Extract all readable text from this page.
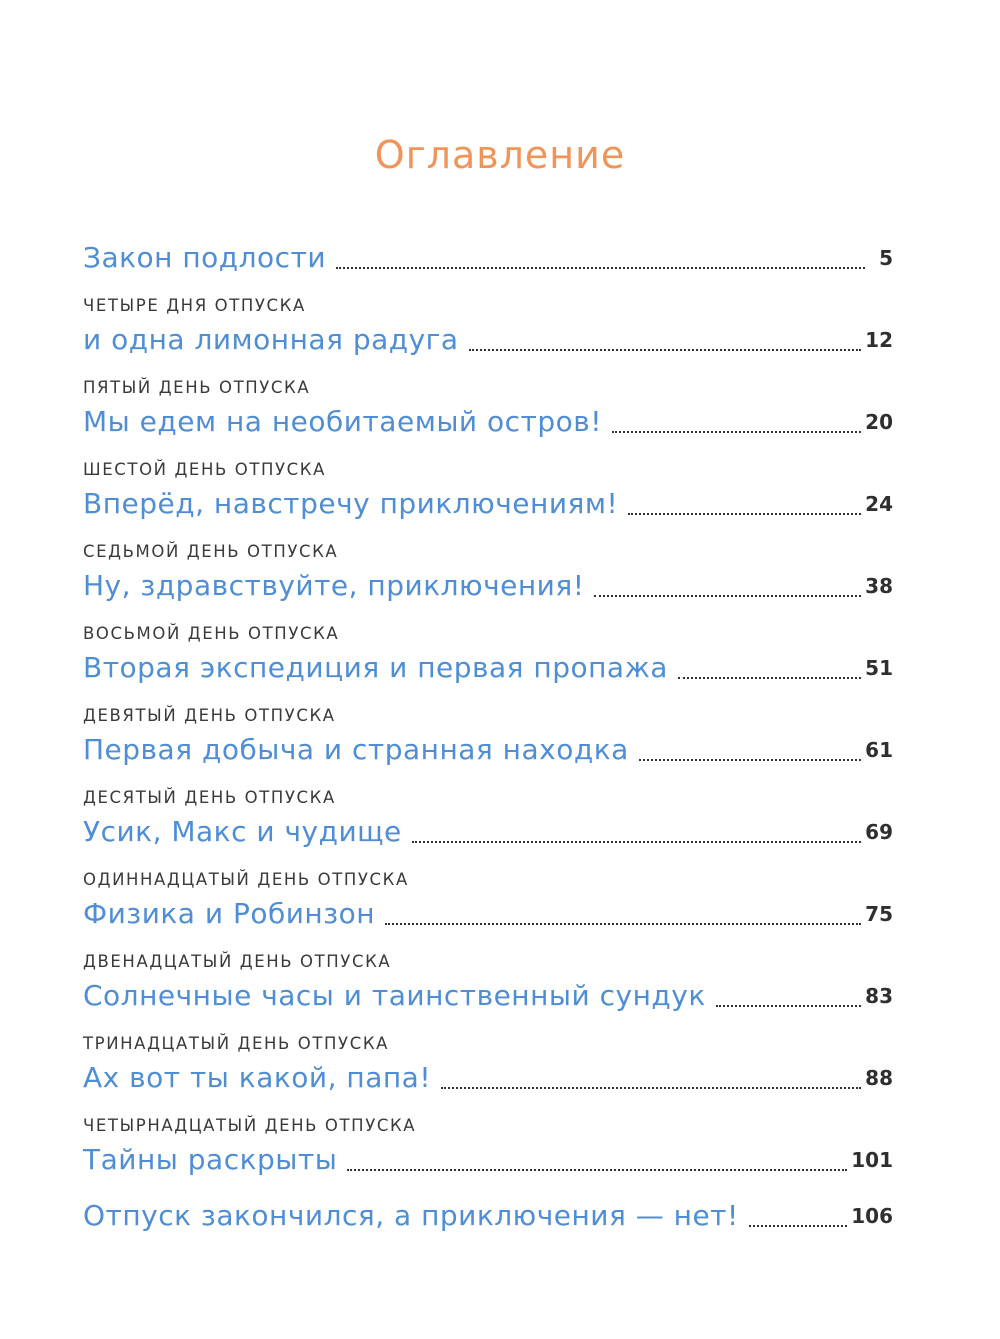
Оглавление
Закон подлости	5
ЧЕТЫРЕ ДНЯ ОТПУСКА
и одна лимонная радуга	12
ПЯТЫЙ ДЕНЬ ОТПУСКА
Мы едем на необитаемый остров!	20
ШЕСТОЙ ДЕНЬ ОТПУСКА
Вперёд, навстречу приключениям!	24
СЕДЬМОЙ ДЕНЬ ОТПУСКА
Ну, здравствуйте, приключения!	38
ВОСЬМОЙ ДЕНЬ ОТПУСКА
Вторая экспедиция и первая пропажа	51
ДЕВЯТЫЙ ДЕНЬ ОТПУСКА
Первая добыча и странная находка	61
ДЕСЯТЫЙ ДЕНЬ ОТПУСКА
Усик, Макс и чудище	69
ОДИННАДЦАТЫЙ ДЕНЬ ОТПУСКА
Физика и Робинзон	75
ДВЕНАДЦАТЫЙ ДЕНЬ ОТПУСКА
Солнечные часы и таинственный сундук	83
ТРИНАДЦАТЫЙ ДЕНЬ ОТПУСКА
Ах вот ты какой, папа!	88
ЧЕТЫРНАДЦАТЫЙ ДЕНЬ ОТПУСКА
Тайны раскрыты	101
Отпуск закончился, а приключения — нет!	106
